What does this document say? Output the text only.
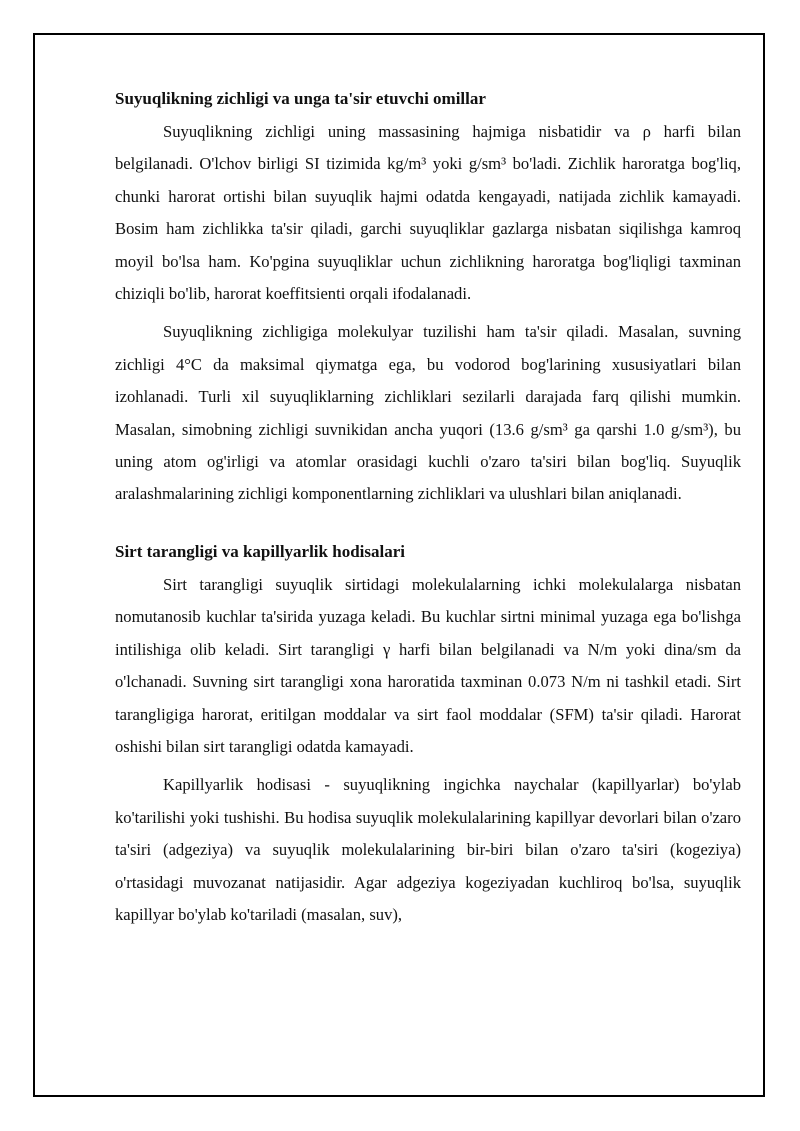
Suyuqlikning zichligi va unga ta'sir etuvchi omillar

Suyuqlikning zichligi uning massasining hajmiga nisbatidir va ρ harfi bilan belgilanadi. O'lchov birligi SI tizimida kg/m³ yoki g/sm³ bo'ladi. Zichlik haroratga bog'liq, chunki harorat ortishi bilan suyuqlik hajmi odatda kengayadi, natijada zichlik kamayadi. Bosim ham zichlikka ta'sir qiladi, garchi suyuqliklar gazlarga nisbatan siqilishga kamroq moyil bo'lsa ham. Ko'pgina suyuqliklar uchun zichlikning haroratga bog'liqligi taxminan chiziqli bo'lib, harorat koeffitsienti orqali ifodalanadi.

Suyuqlikning zichligiga molekulyar tuzilishi ham ta'sir qiladi. Masalan, suvning zichligi 4°C da maksimal qiymatga ega, bu vodorod bog'larining xususiyatlari bilan izohlanadi. Turli xil suyuqliklarning zichliklari sezilarli darajada farq qilishi mumkin. Masalan, simobning zichligi suvnikidan ancha yuqori (13.6 g/sm³ ga qarshi 1.0 g/sm³), bu uning atom og'irligi va atomlar orasidagi kuchli o'zaro ta'siri bilan bog'liq. Suyuqlik aralashmalarining zichligi komponentlarning zichliklari va ulushlari bilan aniqlanadi.

Sirt tarangligi va kapillyarlik hodisalari

Sirt tarangligi suyuqlik sirtidagi molekulalarning ichki molekulalarga nisbatan nomutanosib kuchlar ta'sirida yuzaga keladi. Bu kuchlar sirtni minimal yuzaga ega bo'lishga intilishiga olib keladi. Sirt tarangligi γ harfi bilan belgilanadi va N/m yoki dina/sm da o'lchanadi. Suvning sirt tarangligi xona haroratida taxminan 0.073 N/m ni tashkil etadi. Sirt tarangligiga harorat, eritilgan moddalar va sirt faol moddalar (SFM) ta'sir qiladi. Harorat oshishi bilan sirt tarangligi odatda kamayadi.

Kapillyarlik hodisasi - suyuqlikning ingichka naychalar (kapillyarlar) bo'ylab ko'tarilishi yoki tushishi. Bu hodisa suyuqlik molekulalarining kapillyar devorlari bilan o'zaro ta'siri (adgeziya) va suyuqlik molekulalarining bir-biri bilan o'zaro ta'siri (kogeziya) o'rtasidagi muvozanat natijasidir. Agar adgeziya kogeziyadan kuchliroq bo'lsa, suyuqlik kapillyar bo'ylab ko'tariladi (masalan, suv),
